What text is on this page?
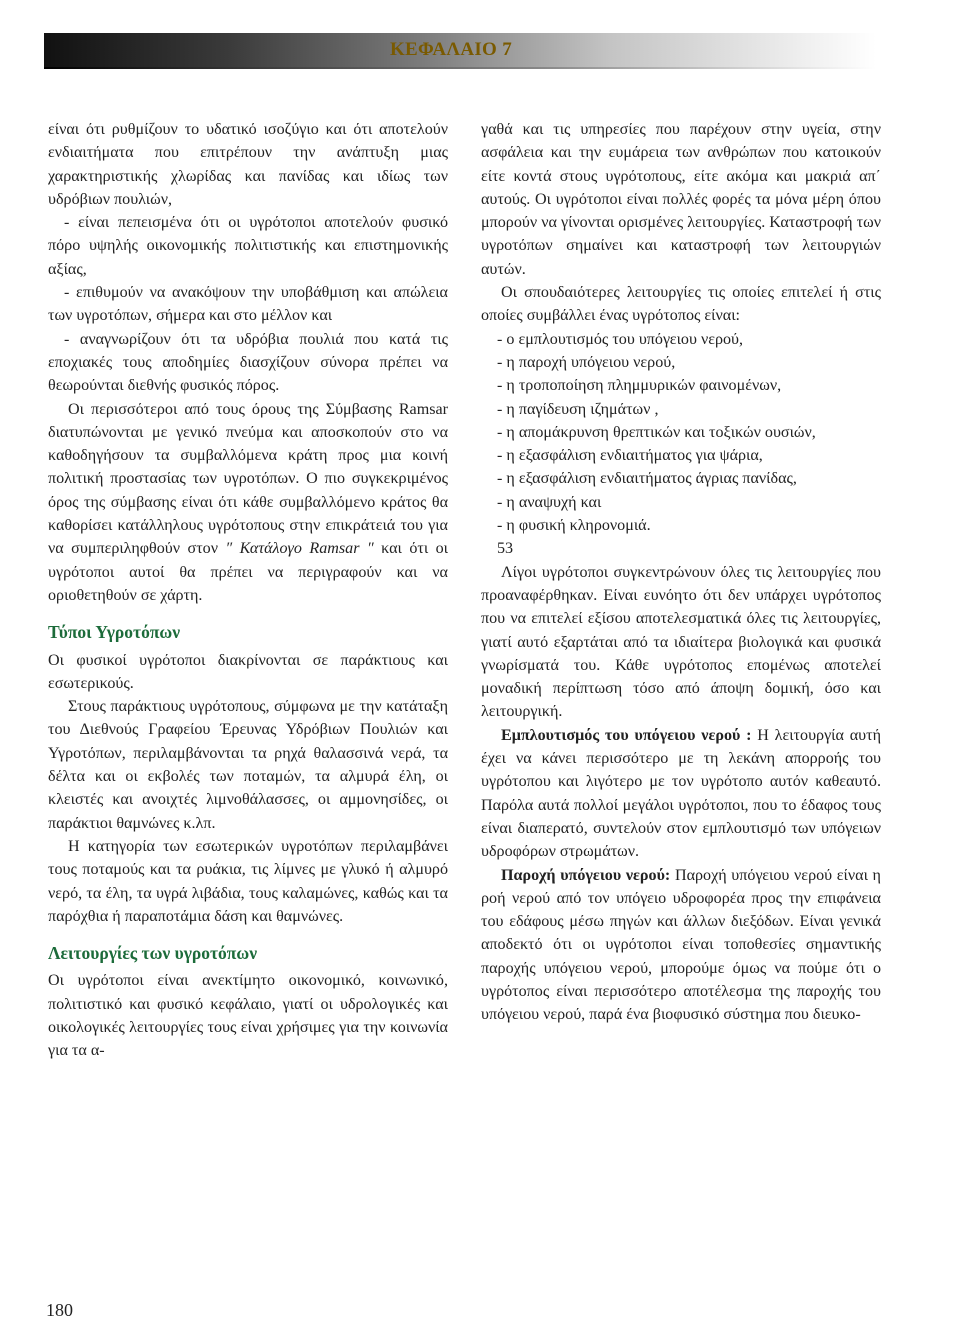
ΚΕΦΑΛΑΙΟ 7

είναι ότι ρυθμίζουν το υδατικό ισοζύγιο και ότι αποτελούν ενδιαιτήματα που επιτρέπουν την ανάπτυξη μιας χαρακτηριστικής χλωρίδας και πανίδας και ιδίως των υδρόβιων πουλιών,

- είναι πεπεισμένα ότι οι υγρότοποι αποτελούν φυσικό πόρο υψηλής οικονομικής πολιτιστικής και επιστημονικής αξίας,

- επιθυμούν να ανακόψουν την υποβάθμιση και απώλεια των υγροτόπων, σήμερα και στο μέλλον και

- αναγνωρίζουν ότι τα υδρόβια πουλιά που κατά τις εποχιακές τους αποδημίες διασχίζουν σύνορα πρέπει να θεωρούνται διεθνής φυσικός πόρος.

Οι περισσότεροι από τους όρους της Σύμβασης Ramsar διατυπώνονται με γενικό πνεύμα και αποσκοπούν στο να καθοδηγήσουν τα συμβαλλόμενα κράτη προς μια κοινή πολιτική προστασίας των υγροτόπων. Ο πιο συγκεκριμένος όρος της σύμβασης είναι ότι κάθε συμβαλλόμενο κράτος θα καθορίσει κατάλληλους υγρότοπους στην επικράτειά του για να συμπεριληφθούν στον ″ Κατάλογο Ramsar ″ και ότι οι υγρότοποι αυτοί θα πρέπει να περιγραφούν και να οριοθετηθούν σε χάρτη.

Τύποι Υγροτόπων

Οι φυσικοί υγρότοποι διακρίνονται σε παράκτιους και εσωτερικούς.

Στους παράκτιους υγρότοπους, σύμφωνα με την κατάταξη του Διεθνούς Γραφείου Έρευνας Υδρόβιων Πουλιών και Υγροτόπων, περιλαμβάνονται τα ρηχά θαλασσινά νερά, τα δέλτα και οι εκβολές των ποταμών, τα αλμυρά έλη, οι κλειστές και ανοιχτές λιμνοθάλασσες, οι αμμονησίδες, οι παράκτιοι θαμνώνες κ.λπ.

Η κατηγορία των εσωτερικών υγροτόπων περιλαμβάνει τους ποταμούς και τα ρυάκια, τις λίμνες με γλυκό ή αλμυρό νερό, τα έλη, τα υγρά λιβάδια, τους καλαμώνες, καθώς και τα παρόχθια ή παραποτάμια δάση και θαμνώνες.

Λειτουργίες των υγροτόπων

Οι υγρότοποι είναι ανεκτίμητο οικονομικό, κοινωνικό, πολιτιστικό και φυσικό κεφάλαιο, γιατί οι υδρολογικές και οικολογικές λειτουργίες τους είναι χρήσιμες για την κοινωνία για τα α-

γαθά και τις υπηρεσίες που παρέχουν στην υγεία, στην ασφάλεια και την ευμάρεια των ανθρώπων που κατοικούν είτε κοντά στους υγρότοπους, είτε ακόμα και μακριά απ΄ αυτούς. Οι υγρότοποι είναι πολλές φορές τα μόνα μέρη όπου μπορούν να γίνονται ορισμένες λειτουργίες. Καταστροφή των υγροτόπων σημαίνει και καταστροφή των λειτουργιών αυτών.

Οι σπουδαιότερες λειτουργίες τις οποίες επιτελεί ή στις οποίες συμβάλλει ένας υγρότοπος είναι:

- ο εμπλουτισμός του υπόγειου νερού,

- η παροχή υπόγειου νερού,

- η τροποποίηση πλημμυρικών φαινομένων,

- η παγίδευση ιζημάτων ,

- η απομάκρυνση θρεπτικών και τοξικών ουσιών,

- η εξασφάλιση ενδιαιτήματος για ψάρια,

- η εξασφάλιση ενδιαιτήματος άγριας πανίδας,

- η αναψυχή και

- η φυσική κληρονομιά.

53

Λίγοι υγρότοποι συγκεντρώνουν όλες τις λειτουργίες που προαναφέρθηκαν. Είναι ευνόητο ότι δεν υπάρχει υγρότοπος που να επιτελεί εξίσου αποτελεσματικά όλες τις λειτουργίες, γιατί αυτό εξαρτάται από τα ιδιαίτερα βιολογικά και φυσικά γνωρίσματά του. Κάθε υγρότοπος επομένως αποτελεί μοναδική περίπτωση τόσο από άποψη δομική, όσο και λειτουργική.

Εμπλουτισμός του υπόγειου νερού : Η λειτουργία αυτή έχει να κάνει περισσότερο με τη λεκάνη απορροής του υγρότοπου και λιγότερο με τον υγρότοπο αυτόν καθεαυτό. Παρόλα αυτά πολλοί μεγάλοι υγρότοποι, που το έδαφος τους είναι διαπερατό, συντελούν στον εμπλουτισμό των υπόγειων υδροφόρων στρωμάτων.

Παροχή υπόγειου νερού: Παροχή υπόγειου νερού είναι η ροή νερού από τον υπόγειο υδροφορέα προς την επιφάνεια του εδάφους μέσω πηγών και άλλων διεξόδων. Είναι γενικά αποδεκτό ότι οι υγρότοποι είναι τοποθεσίες σημαντικής παροχής υπόγειου νερού, μπορούμε όμως να πούμε ότι ο υγρότοπος είναι περισσότερο αποτέλεσμα της παροχής του υπόγειου νερού, παρά ένα βιοφυσικό σύστημα που διευκο-

180
